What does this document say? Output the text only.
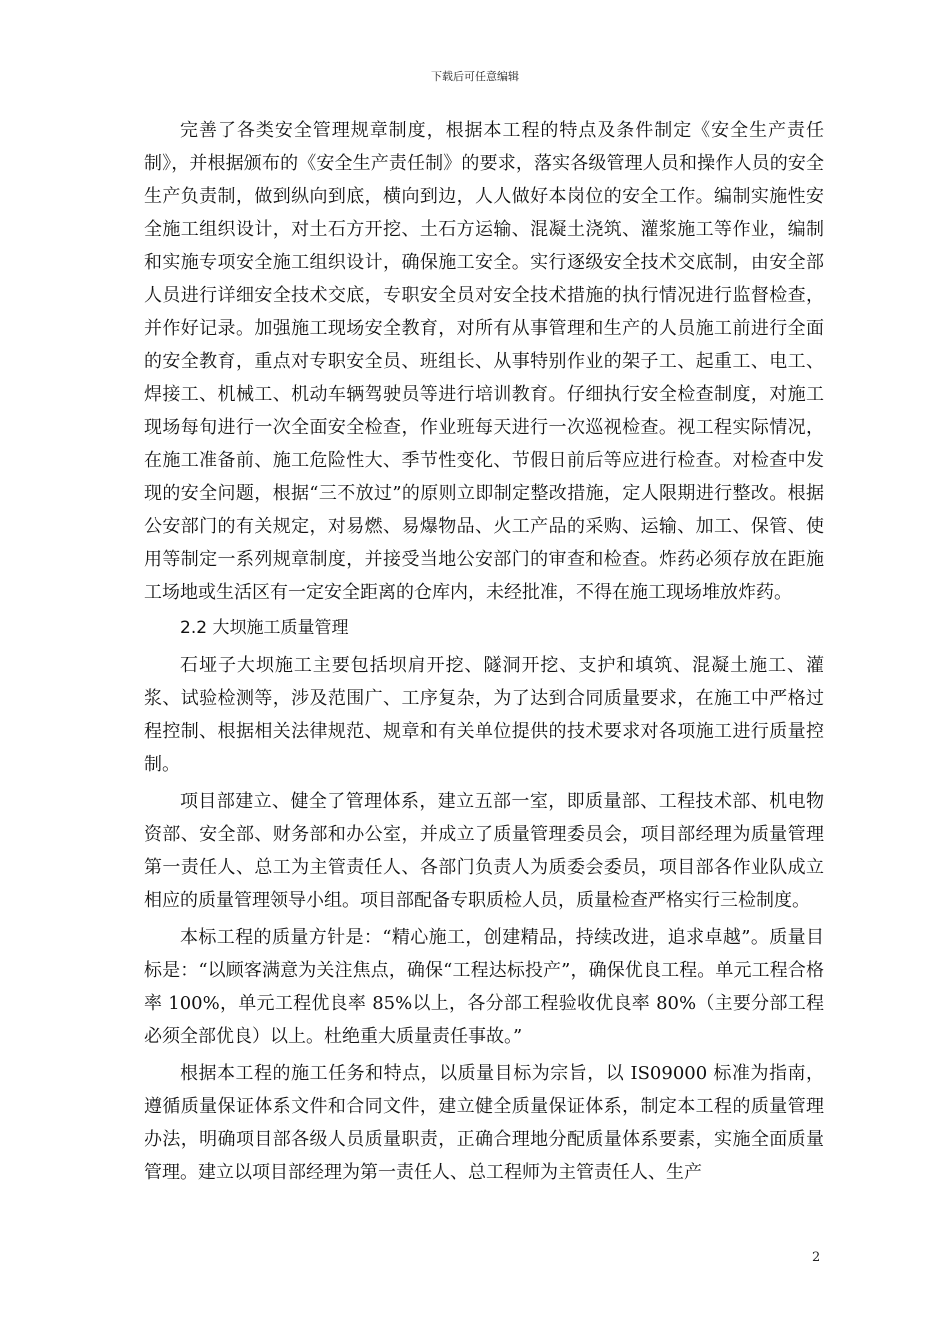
下载后可任意编辑

完善了各类安全管理规章制度，根据本工程的特点及条件制定《安全生产责任制》，并根据颁布的《安全生产责任制》的要求，落实各级管理人员和操作人员的安全生产负责制，做到纵向到底，横向到边，人人做好本岗位的安全工作。编制实施性安全施工组织设计，对土石方开挖、土石方运输、混凝土浇筑、灌浆施工等作业，编制和实施专项安全施工组织设计，确保施工安全。实行逐级安全技术交底制，由安全部人员进行详细安全技术交底，专职安全员对安全技术措施的执行情况进行监督检查，并作好记录。加强施工现场安全教育，对所有从事管理和生产的人员施工前进行全面的安全教育，重点对专职安全员、班组长、从事特别作业的架子工、起重工、电工、焊接工、机械工、机动车辆驾驶员等进行培训教育。仔细执行安全检查制度，对施工现场每旬进行一次全面安全检查，作业班每天进行一次巡视检查。视工程实际情况，在施工准备前、施工危险性大、季节性变化、节假日前后等应进行检查。对检查中发现的安全问题，根据“三不放过”的原则立即制定整改措施，定人限期进行整改。根据公安部门的有关规定，对易燃、易爆物品、火工产品的采购、运输、加工、保管、使用等制定一系列规章制度，并接受当地公安部门的审查和检查。炸药必须存放在距施工场地或生活区有一定安全距离的仓库内，未经批准，不得在施工现场堆放炸药。

2.2 大坝施工质量管理

石垭子大坝施工主要包括坝肩开挖、隧洞开挖、支护和填筑、混凝土施工、灌浆、试验检测等，涉及范围广、工序复杂，为了达到合同质量要求，在施工中严格过程控制、根据相关法律规范、规章和有关单位提供的技术要求对各项施工进行质量控制。

项目部建立、健全了管理体系，建立五部一室，即质量部、工程技术部、机电物资部、安全部、财务部和办公室，并成立了质量管理委员会，项目部经理为质量管理第一责任人、总工为主管责任人、各部门负责人为质委会委员，项目部各作业队成立相应的质量管理领导小组。项目部配备专职质检人员，质量检查严格实行三检制度。

本标工程的质量方针是：“精心施工，创建精品，持续改进，追求卓越”。质量目标是：“以顾客满意为关注焦点，确保“工程达标投产”，确保优良工程。单元工程合格率 100%，单元工程优良率 85%以上，各分部工程验收优良率 80%（主要分部工程必须全部优良）以上。杜绝重大质量责任事故。”

根据本工程的施工任务和特点，以质量目标为宗旨，以 IS09000 标准为指南，遵循质量保证体系文件和合同文件，建立健全质量保证体系，制定本工程的质量管理办法，明确项目部各级人员质量职责，正确合理地分配质量体系要素，实施全面质量管理。建立以项目部经理为第一责任人、总工程师为主管责任人、生产

2
